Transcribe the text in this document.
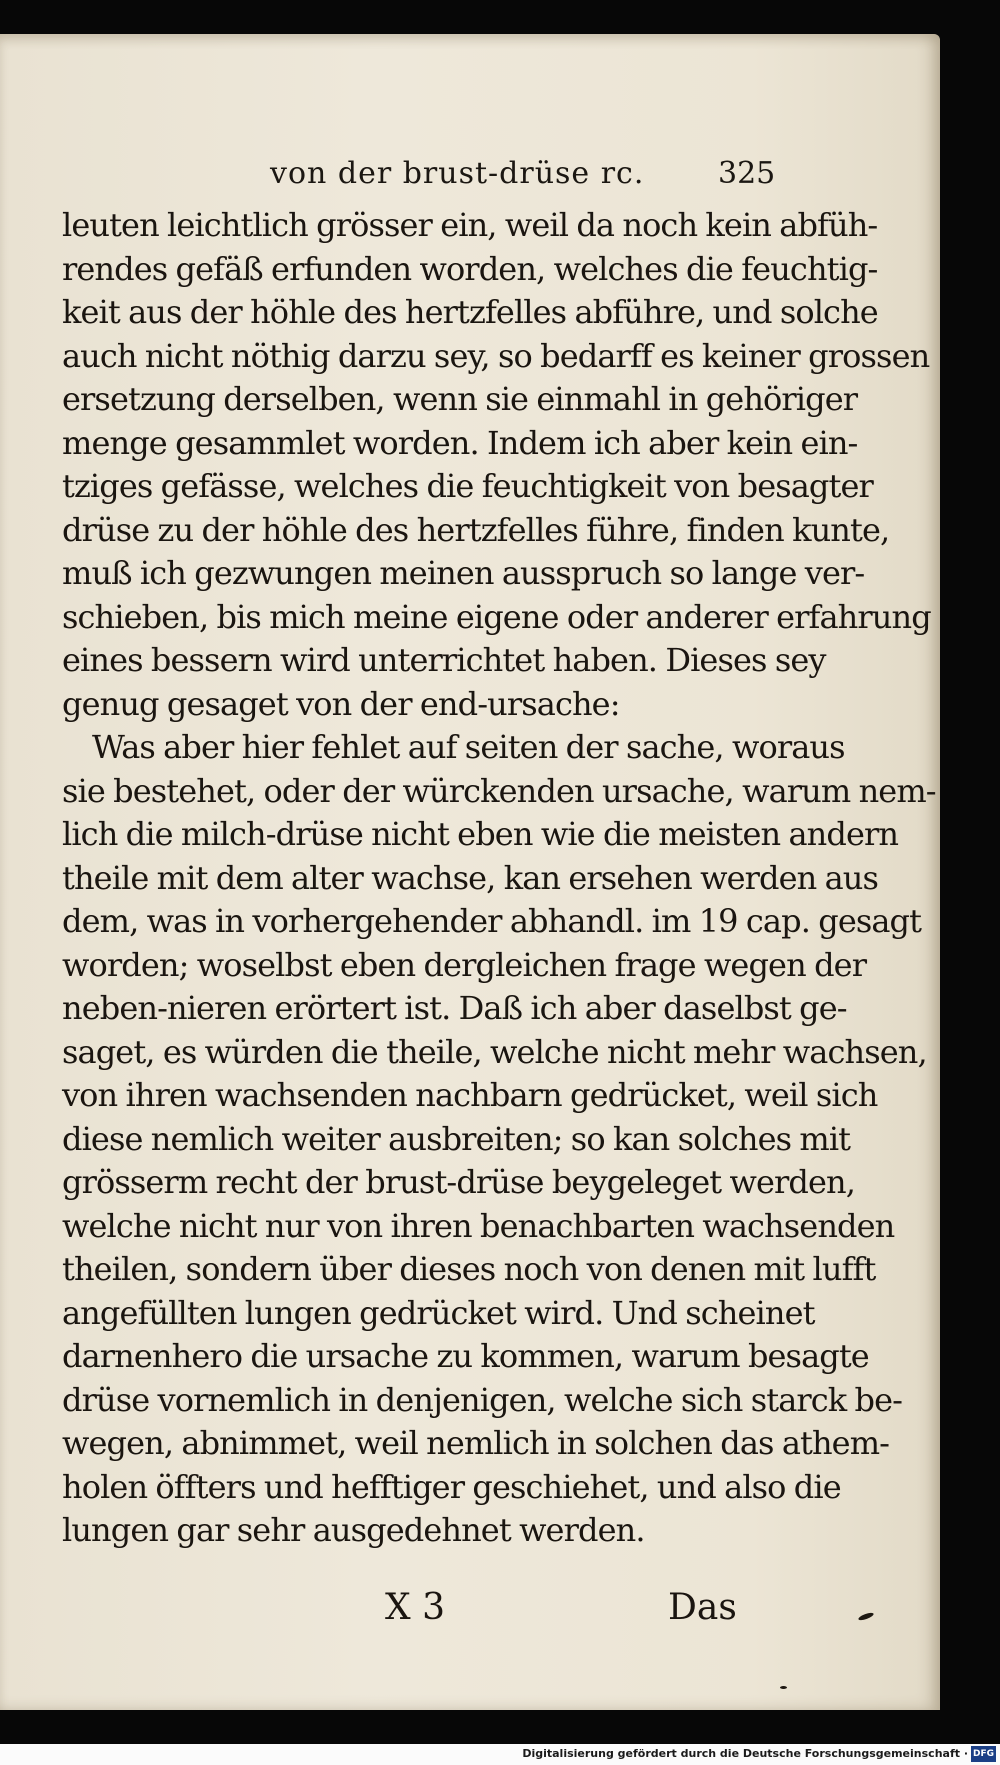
von der brust-drüse rc.	325
leuten leichtlich grösser ein, weil da noch kein abfüh-
rendes gefäß erfunden worden, welches die feuchtig-
keit aus der höhle des hertzfelles abführe, und solche
auch nicht nöthig darzu sey, so bedarff es keiner grossen
ersetzung derselben, wenn sie einmahl in gehöriger
menge gesammlet worden. Indem ich aber kein ein-
tziges gefässe, welches die feuchtigkeit von besagter
drüse zu der höhle des hertzfelles führe, finden kunte,
muß ich gezwungen meinen ausspruch so lange ver-
schieben, bis mich meine eigene oder anderer erfahrung
eines bessern wird unterrichtet haben. Dieses sey
genug gesaget von der end-ursache:
Was aber hier fehlet auf seiten der sache, woraus
sie bestehet, oder der würckenden ursache, warum nem-
lich die milch-drüse nicht eben wie die meisten andern
theile mit dem alter wachse, kan ersehen werden aus
dem, was in vorhergehender abhandl. im 19 cap. gesagt
worden; woselbst eben dergleichen frage wegen der
neben-nieren erörtert ist. Daß ich aber daselbst ge-
saget, es würden die theile, welche nicht mehr wachsen,
von ihren wachsenden nachbarn gedrücket, weil sich
diese nemlich weiter ausbreiten; so kan solches mit
grösserm recht der brust-drüse beygeleget werden,
welche nicht nur von ihren benachbarten wachsenden
theilen, sondern über dieses noch von denen mit lufft
angefüllten lungen gedrücket wird. Und scheinet
darnenhero die ursache zu kommen, warum besagte
drüse vornemlich in denjenigen, welche sich starck be-
wegen, abnimmet, weil nemlich in solchen das athem-
holen öffters und hefftiger geschiehet, und also die
lungen gar sehr ausgedehnet werden.
X 3	Das
Digitalisierung gefördert durch die Deutsche Forschungsgemeinschaft · DFG
